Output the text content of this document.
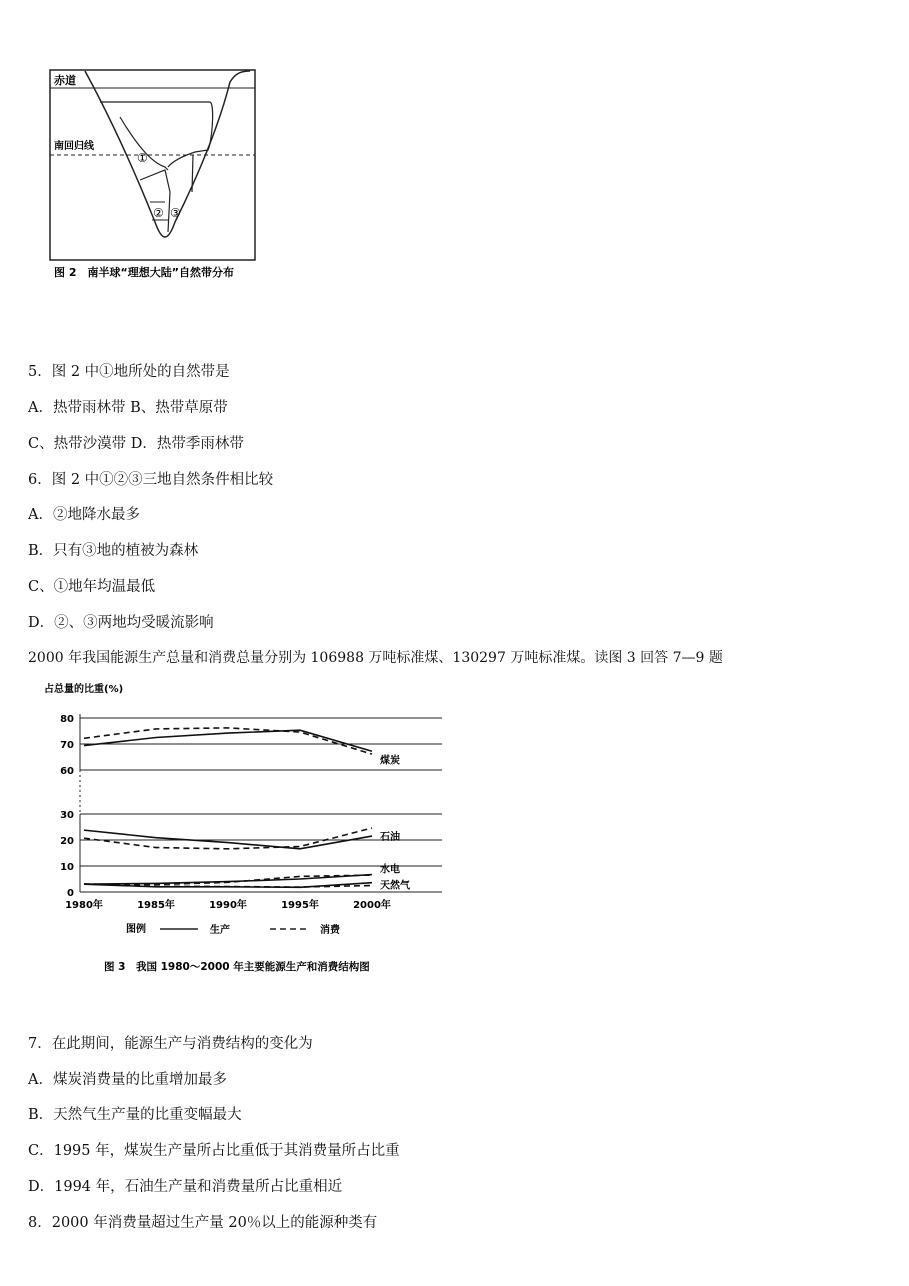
赤道
南回归线
①
② ③
图 2　南半球“理想大陆”自然带分布
5．图 2 中①地所处的自然带是
A．热带雨林带 B、热带草原带
C、热带沙漠带 D．热带季雨林带
6．图 2 中①②③三地自然条件相比较
A．②地降水最多
B．只有③地的植被为森林
C、①地年均温最低
D．②、③两地均受暖流影响
2000 年我国能源生产总量和消费总量分别为 106988 万吨标准煤、130297 万吨标准煤。读图 3 回答 7—9 题
占总量的比重(%)
0
10
20
30
60
70
80
1980年	1985年	1990年	1995年	2000年
煤炭
石油
水电
天然气
图例	生产	消费
图 3　我国 1980～2000 年主要能源生产和消费结构图
7．在此期间，能源生产与消费结构的变化为
A．煤炭消费量的比重增加最多
B．天然气生产量的比重变幅最大
C．1995 年，煤炭生产量所占比重低于其消费量所占比重
D．1994 年，石油生产量和消费量所占比重相近
8．2000 年消费量超过生产量 20％以上的能源种类有
